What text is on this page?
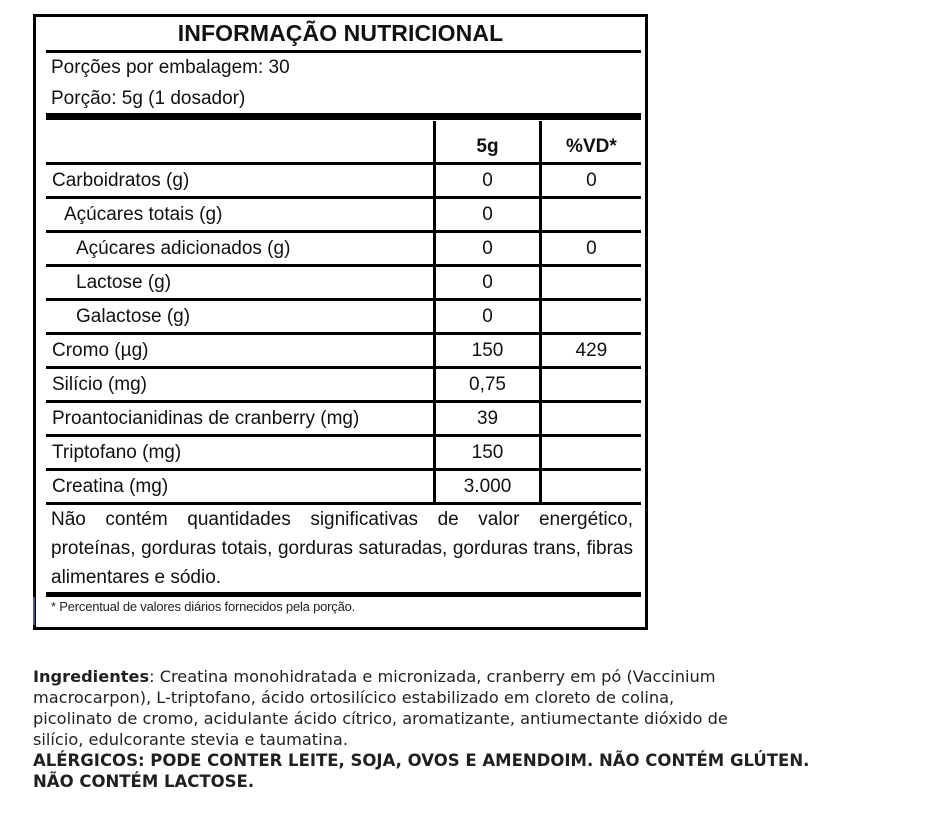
INFORMAÇÃO NUTRICIONAL
Porções por embalagem: 30
Porção: 5g (1 dosador)
	5g	%VD*
Carboidratos (g)	0	0
Açúcares totais (g)	0	
Açúcares adicionados (g)	0	0
Lactose (g)	0	
Galactose (g)	0	
Cromo (µg)	150	429
Silício (mg)	0,75	
Proantocianidinas de cranberry (mg)	39	
Triptofano (mg)	150	
Creatina (mg)	3.000	
Não contém quantidades significativas de valor energético, proteínas, gorduras totais, gorduras saturadas, gorduras trans, fibras alimentares e sódio.
* Percentual de valores diários fornecidos pela porção.
Ingredientes: Creatina monohidratada e micronizada, cranberry em pó (Vaccinium
macrocarpon), L-triptofano, ácido ortosilícico estabilizado em cloreto de colina,
picolinato de cromo, acidulante ácido cítrico, aromatizante, antiumectante dióxido de
silício, edulcorante stevia e taumatina.
ALÉRGICOS: PODE CONTER LEITE, SOJA, OVOS E AMENDOIM. NÃO CONTÉM GLÚTEN.
NÃO CONTÉM LACTOSE.
